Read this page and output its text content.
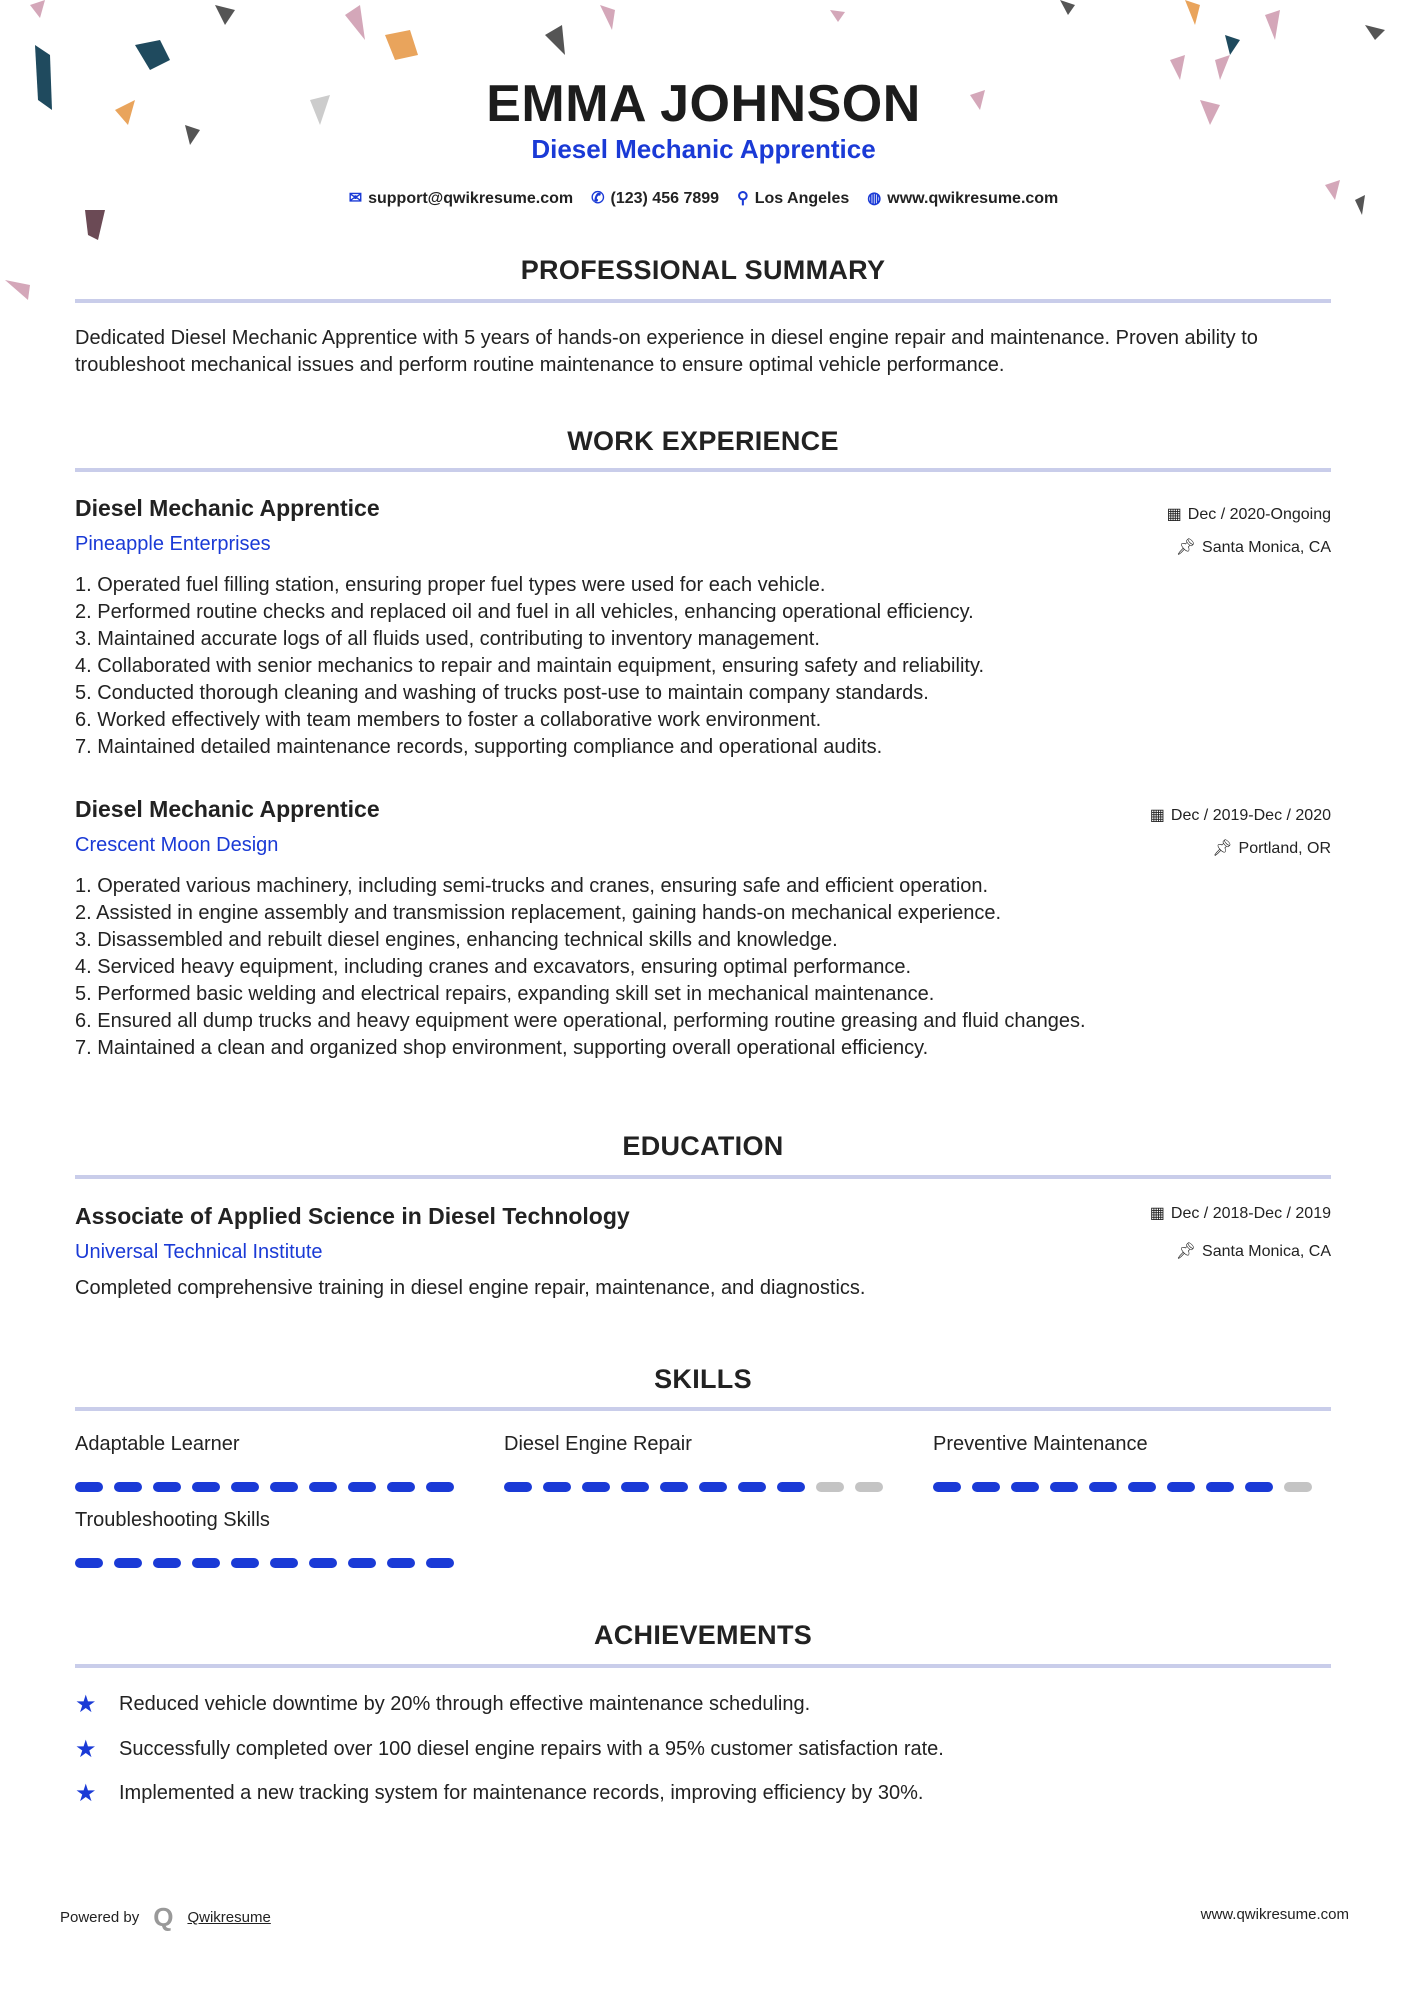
EMMA JOHNSON
Diesel Mechanic Apprentice
✉ support@qwikresume.com ✆ (123) 456 7899 ⚲ Los Angeles ◍ www.qwikresume.com
PROFESSIONAL SUMMARY
Dedicated Diesel Mechanic Apprentice with 5 years of hands-on experience in diesel engine repair and maintenance. Proven ability to troubleshoot mechanical issues and perform routine maintenance to ensure optimal vehicle performance.
WORK EXPERIENCE
Diesel Mechanic Apprentice
Pineapple Enterprises
▦ Dec / 2020-Ongoing
📌︎ Santa Monica, CA
1. Operated fuel filling station, ensuring proper fuel types were used for each vehicle.
2. Performed routine checks and replaced oil and fuel in all vehicles, enhancing operational efficiency.
3. Maintained accurate logs of all fluids used, contributing to inventory management.
4. Collaborated with senior mechanics to repair and maintain equipment, ensuring safety and reliability.
5. Conducted thorough cleaning and washing of trucks post-use to maintain company standards.
6. Worked effectively with team members to foster a collaborative work environment.
7. Maintained detailed maintenance records, supporting compliance and operational audits.
Diesel Mechanic Apprentice
Crescent Moon Design
▦ Dec / 2019-Dec / 2020
📌︎ Portland, OR
1. Operated various machinery, including semi-trucks and cranes, ensuring safe and efficient operation.
2. Assisted in engine assembly and transmission replacement, gaining hands-on mechanical experience.
3. Disassembled and rebuilt diesel engines, enhancing technical skills and knowledge.
4. Serviced heavy equipment, including cranes and excavators, ensuring optimal performance.
5. Performed basic welding and electrical repairs, expanding skill set in mechanical maintenance.
6. Ensured all dump trucks and heavy equipment were operational, performing routine greasing and fluid changes.
7. Maintained a clean and organized shop environment, supporting overall operational efficiency.
EDUCATION
Associate of Applied Science in Diesel Technology
Universal Technical Institute
▦ Dec / 2018-Dec / 2019
📌︎ Santa Monica, CA
Completed comprehensive training in diesel engine repair, maintenance, and diagnostics.
SKILLS
Adaptable Learner	Diesel Engine Repair	Preventive Maintenance
Troubleshooting Skills
ACHIEVEMENTS
★	Reduced vehicle downtime by 20% through effective maintenance scheduling.
★	Successfully completed over 100 diesel engine repairs with a 95% customer satisfaction rate.
★	Implemented a new tracking system for maintenance records, improving efficiency by 30%.
Powered by Q Qwikresume	www.qwikresume.com
